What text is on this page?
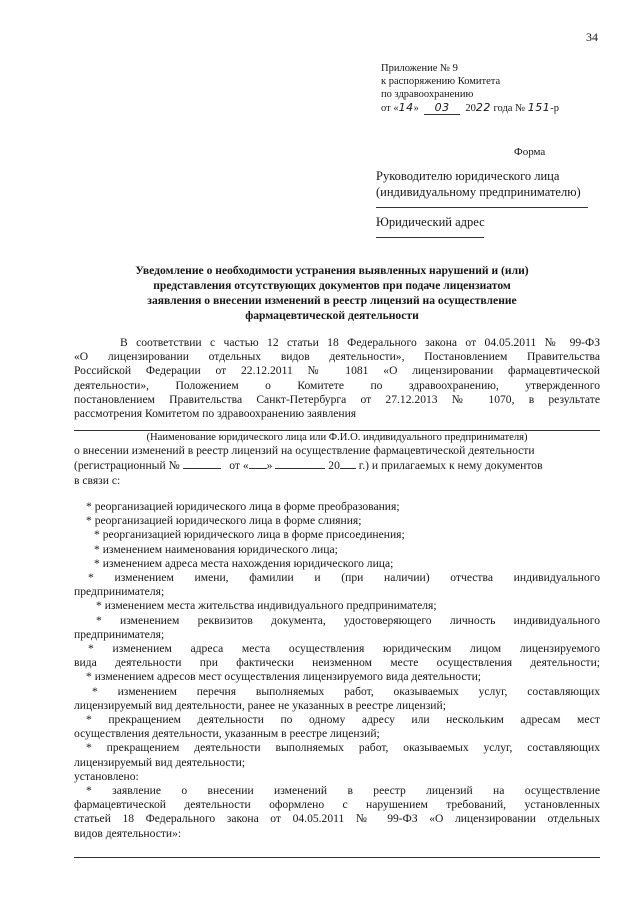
34
Приложение № 9
к распоряжению Комитета
по здравоохранению
от «14» 03 2022 года № 151-р
Форма
Руководителю юридического лица
(индивидуальному предпринимателю)
Юридический адрес
Уведомление о необходимости устранения выявленных нарушений и (или)
представления отсутствующих документов при подаче лицензиатом
заявления о внесении изменений в реестр лицензий на осуществление
фармацевтической деятельности
В соответствии с частью 12 статьи 18 Федерального закона от 04.05.2011 № 99-ФЗ
«О лицензировании отдельных видов деятельности», Постановлением Правительства
Российской Федерации от 22.12.2011 № 1081 «О лицензировании фармацевтической
деятельности», Положением о Комитете по здравоохранению, утвержденного
постановлением Правительства Санкт-Петербурга от 27.12.2013 № 1070, в результате
рассмотрения Комитетом по здравоохранению заявления
(Наименование юридического лица или Ф.И.О. индивидуального предпринимателя)
о внесении изменений в реестр лицензий на осуществление фармацевтической деятельности
(регистрационный №	от « »	20 г.) и прилагаемых к нему документов
в связи с:
* реорганизацией юридического лица в форме преобразования;
* реорганизацией юридического лица в форме слияния;
* реорганизацией юридического лица в форме присоединения;
* изменением наименования юридического лица;
* изменением адреса места нахождения юридического лица;
* изменением имени, фамилии и (при наличии) отчества индивидуального
предпринимателя;
* изменением места жительства индивидуального предпринимателя;
* изменением реквизитов документа, удостоверяющего личность индивидуального
предпринимателя;
* изменением адреса места осуществления юридическим лицом лицензируемого
вида деятельности при фактически неизменном месте осуществления деятельности;
* изменением адресов мест осуществления лицензируемого вида деятельности;
* изменением перечня выполняемых работ, оказываемых услуг, составляющих
лицензируемый вид деятельности, ранее не указанных в реестре лицензий;
* прекращением деятельности по одному адресу или нескольким адресам мест
осуществления деятельности, указанным в реестре лицензий;
* прекращением деятельности выполняемых работ, оказываемых услуг, составляющих
лицензируемый вид деятельности;
установлено:
* заявление о внесении изменений в реестр лицензий на осуществление
фармацевтической деятельности оформлено с нарушением требований, установленных
статьей 18 Федерального закона от 04.05.2011 № 99-ФЗ «О лицензировании отдельных
видов деятельности»:
